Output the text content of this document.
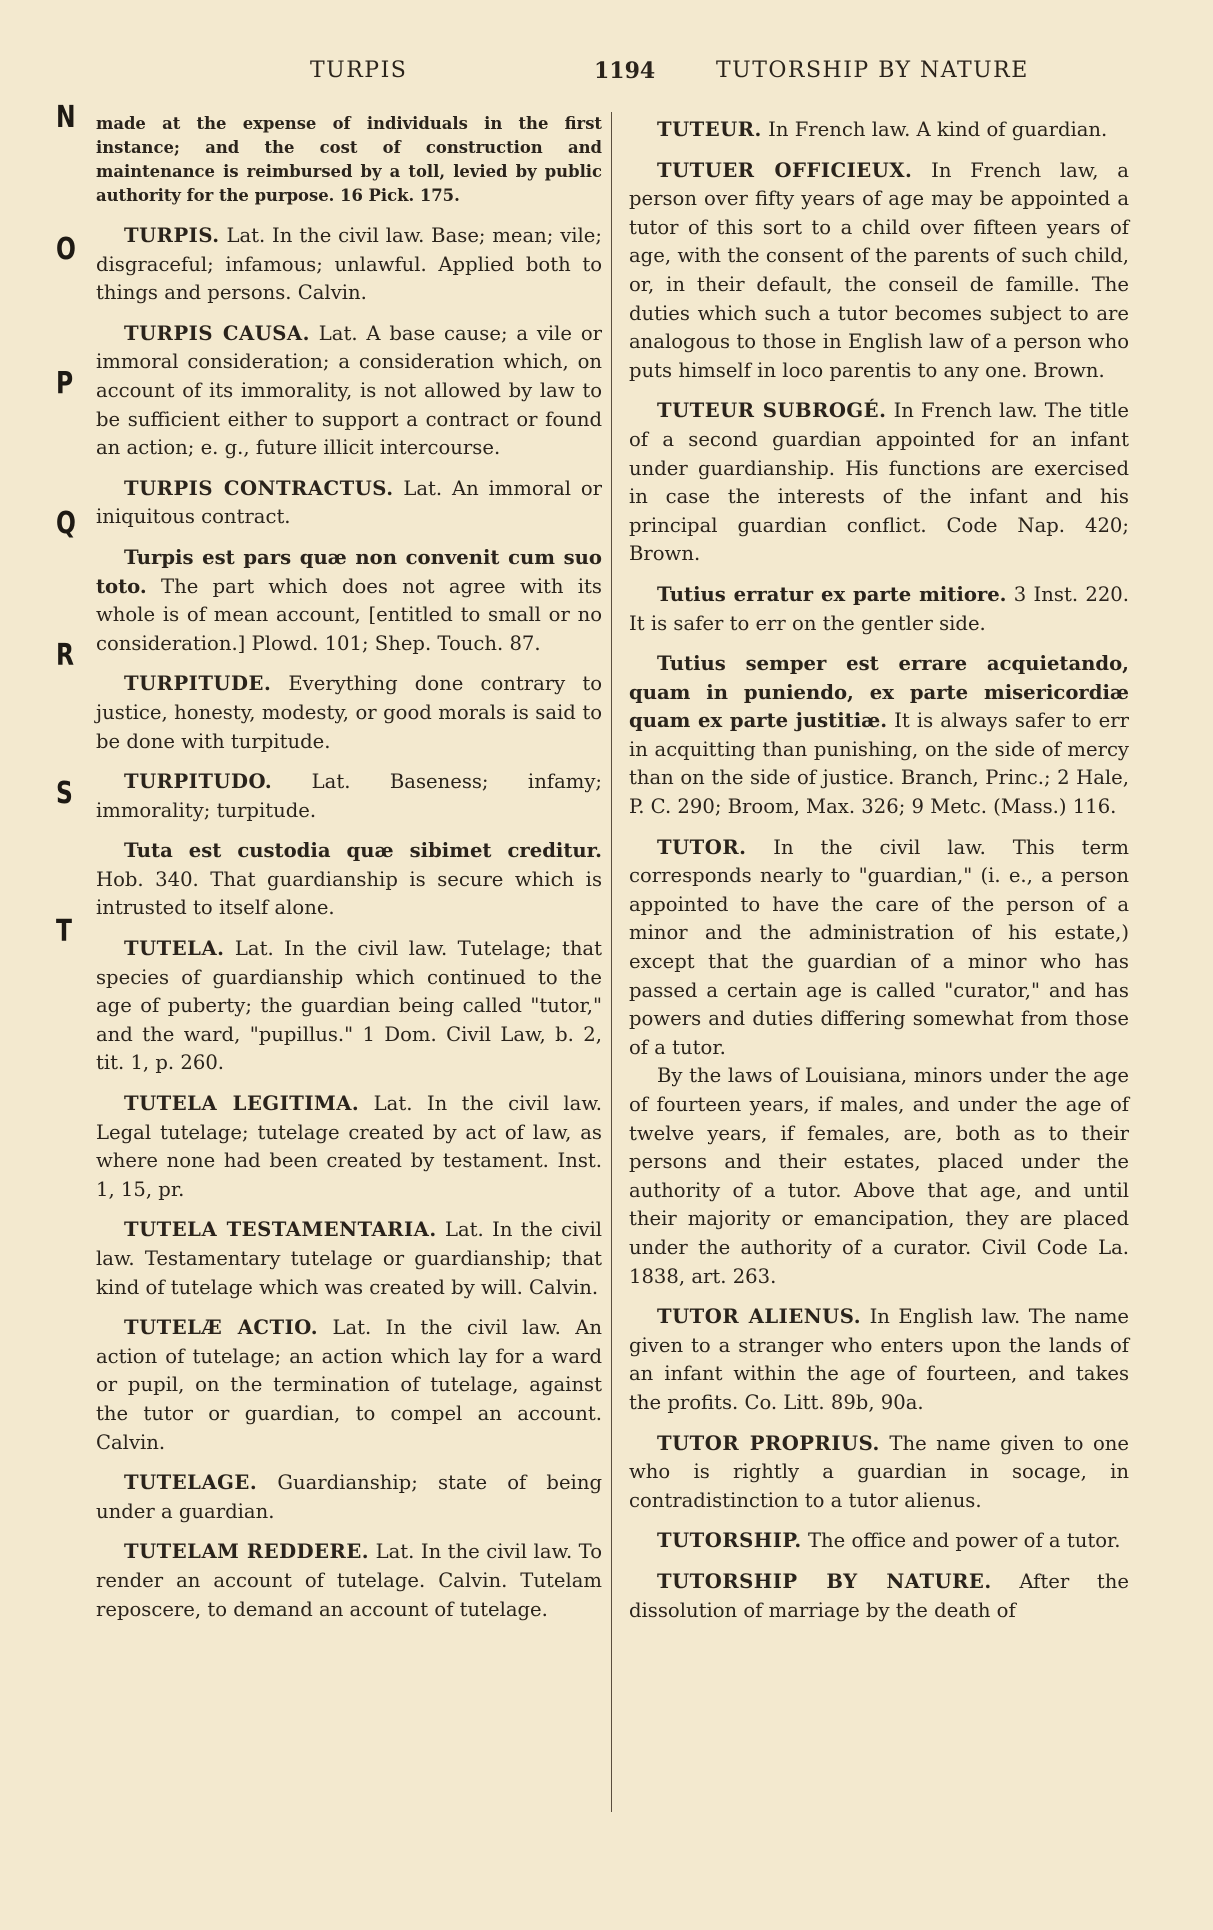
TURPIS	1194	TUTORSHIP BY NATURE
N
O
P
Q
R
S
T

made at the expense of individuals in the first instance; and the cost of construction and maintenance is reimbursed by a toll, levied by public authority for the purpose. 16 Pick. 175.

TURPIS. Lat. In the civil law. Base; mean; vile; disgraceful; infamous; unlawful. Applied both to things and persons. Calvin.

TURPIS CAUSA. Lat. A base cause; a vile or immoral consideration; a consideration which, on account of its immorality, is not allowed by law to be sufficient either to support a contract or found an action; e. g., future illicit intercourse.

TURPIS CONTRACTUS. Lat. An immoral or iniquitous contract.

Turpis est pars quæ non convenit cum suo toto. The part which does not agree with its whole is of mean account, [entitled to small or no consideration.] Plowd. 101; Shep. Touch. 87.

TURPITUDE. Everything done contrary to justice, honesty, modesty, or good morals is said to be done with turpitude.

TURPITUDO. Lat. Baseness; infamy; immorality; turpitude.

Tuta est custodia quæ sibimet creditur. Hob. 340. That guardianship is secure which is intrusted to itself alone.

TUTELA. Lat. In the civil law. Tutelage; that species of guardianship which continued to the age of puberty; the guardian being called "tutor," and the ward, "pupillus." 1 Dom. Civil Law, b. 2, tit. 1, p. 260.

TUTELA LEGITIMA. Lat. In the civil law. Legal tutelage; tutelage created by act of law, as where none had been created by testament. Inst. 1, 15, pr.

TUTELA TESTAMENTARIA. Lat. In the civil law. Testamentary tutelage or guardianship; that kind of tutelage which was created by will. Calvin.

TUTELÆ ACTIO. Lat. In the civil law. An action of tutelage; an action which lay for a ward or pupil, on the termination of tutelage, against the tutor or guardian, to compel an account. Calvin.

TUTELAGE. Guardianship; state of being under a guardian.

TUTELAM REDDERE. Lat. In the civil law. To render an account of tutelage. Calvin. Tutelam reposcere, to demand an account of tutelage.

TUTEUR. In French law. A kind of guardian.

TUTUER OFFICIEUX. In French law, a person over fifty years of age may be appointed a tutor of this sort to a child over fifteen years of age, with the consent of the parents of such child, or, in their default, the conseil de famille. The duties which such a tutor becomes subject to are analogous to those in English law of a person who puts himself in loco parentis to any one. Brown.

TUTEUR SUBROGÉ. In French law. The title of a second guardian appointed for an infant under guardianship. His functions are exercised in case the interests of the infant and his principal guardian conflict. Code Nap. 420; Brown.

Tutius erratur ex parte mitiore. 3 Inst. 220. It is safer to err on the gentler side.

Tutius semper est errare acquietando, quam in puniendo, ex parte misericordiæ quam ex parte justitiæ. It is always safer to err in acquitting than punishing, on the side of mercy than on the side of justice. Branch, Princ.; 2 Hale, P. C. 290; Broom, Max. 326; 9 Metc. (Mass.) 116.

TUTOR. In the civil law. This term corresponds nearly to "guardian," (i. e., a person appointed to have the care of the person of a minor and the administration of his estate,) except that the guardian of a minor who has passed a certain age is called "curator," and has powers and duties differing somewhat from those of a tutor.

By the laws of Louisiana, minors under the age of fourteen years, if males, and under the age of twelve years, if females, are, both as to their persons and their estates, placed under the authority of a tutor. Above that age, and until their majority or emancipation, they are placed under the authority of a curator. Civil Code La. 1838, art. 263.

TUTOR ALIENUS. In English law. The name given to a stranger who enters upon the lands of an infant within the age of fourteen, and takes the profits. Co. Litt. 89b, 90a.

TUTOR PROPRIUS. The name given to one who is rightly a guardian in socage, in contradistinction to a tutor alienus.

TUTORSHIP. The office and power of a tutor.

TUTORSHIP BY NATURE. After the dissolution of marriage by the death of
